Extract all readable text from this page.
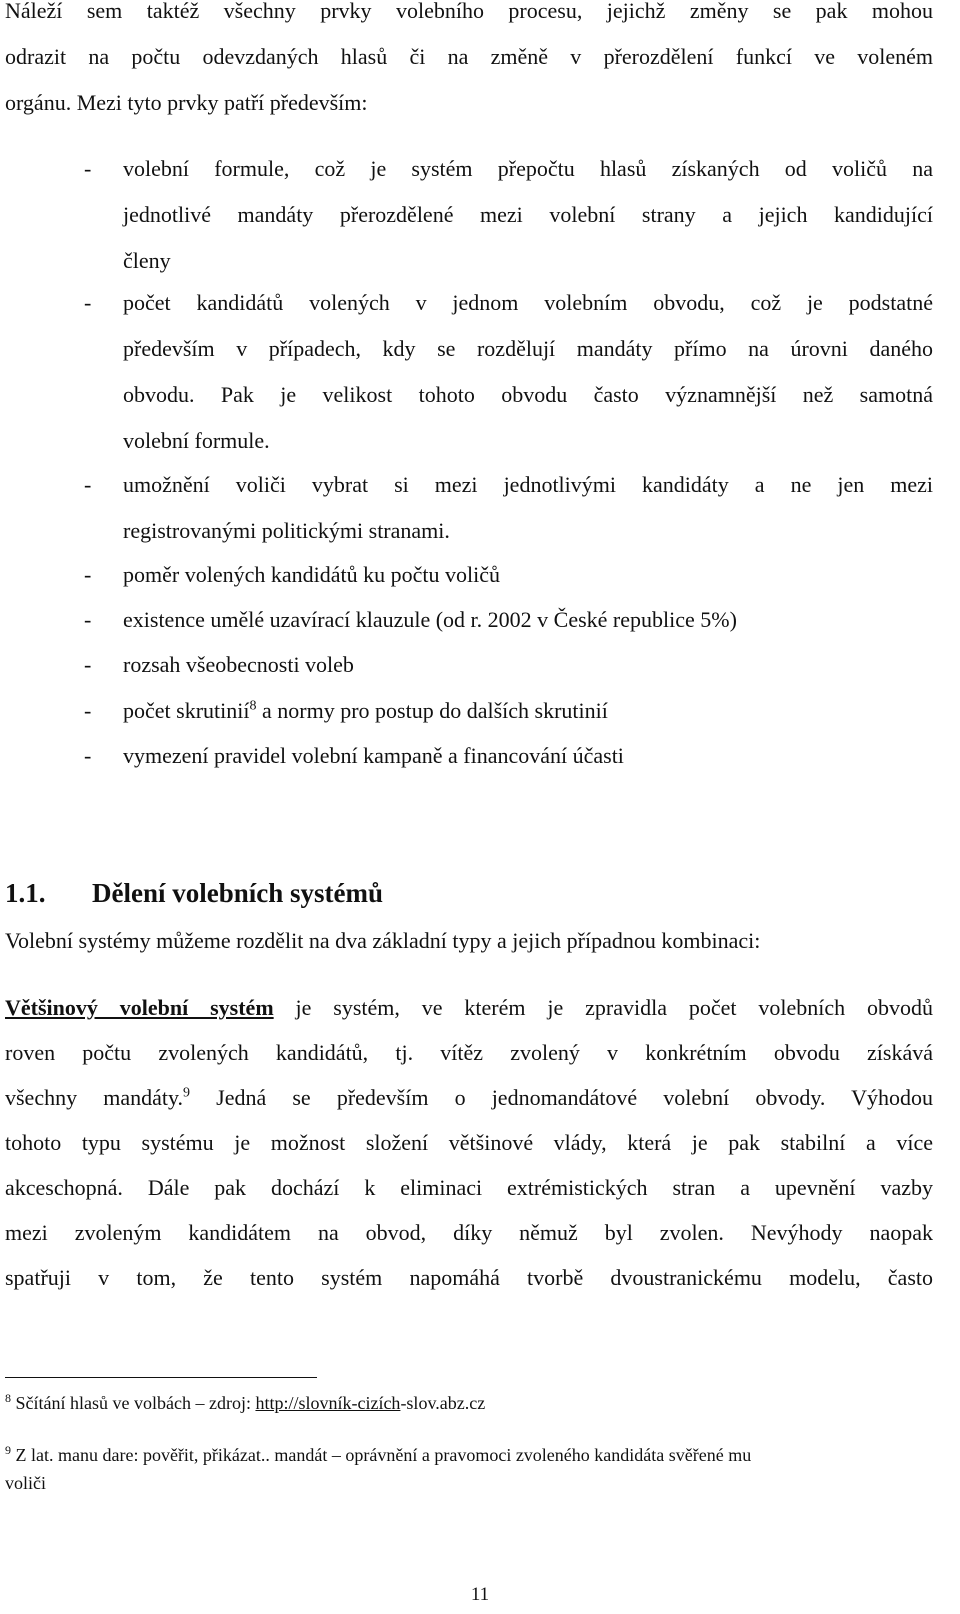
Náleží sem taktéž všechny prvky volebního procesu, jejichž změny se pak mohou
odrazit na počtu odevzdaných hlasů či na změně v přerozdělení funkcí ve voleném
orgánu. Mezi tyto prvky patří především:
- volební formule, což je systém přepočtu hlasů získaných od voličů na
jednotlivé mandáty přerozdělené mezi volební strany a jejich kandidující
členy
- počet kandidátů volených v jednom volebním obvodu, což je podstatné
především v případech, kdy se rozdělují mandáty přímo na úrovni daného
obvodu. Pak je velikost tohoto obvodu často významnější než samotná
volební formule.
- umožnění voliči vybrat si mezi jednotlivými kandidáty a ne jen mezi
registrovanými politickými stranami.
- poměr volených kandidátů ku počtu voličů
- existence umělé uzavírací klauzule (od r. 2002 v České republice 5%)
- rozsah všeobecnosti voleb
- počet skrutinií$^8$ a normy pro postup do dalších skrutinií
- vymezení pravidel volební kampaně a financování účasti
1.1. Dělení volebních systémů
Volební systémy můžeme rozdělit na dva základní typy a jejich případnou kombinaci:
Většinový volební systém je systém, ve kterém je zpravidla počet volebních obvodů
roven počtu zvolených kandidátů, tj. vítěz zvolený v konkrétním obvodu získává
všechny mandáty.$^9$ Jedná se především o jednomandátové volební obvody. Výhodou
tohoto typu systému je možnost složení většinové vlády, která je pak stabilní a více
akceschopná. Dále pak dochází k eliminaci extrémistických stran a upevnění vazby
mezi zvoleným kandidátem na obvod, díky němuž byl zvolen. Nevýhody naopak
spatřuji v tom, že tento systém napomáhá tvorbě dvoustranickému modelu, často
$^8$ Sčítání hlasů ve volbách – zdroj: http://slovník-cizích-slov.abz.cz
$^9$ Z lat. manu dare: pověřit, přikázat.. mandát – oprávnění a pravomoci zvoleného kandidáta svěřené mu
voliči
11
